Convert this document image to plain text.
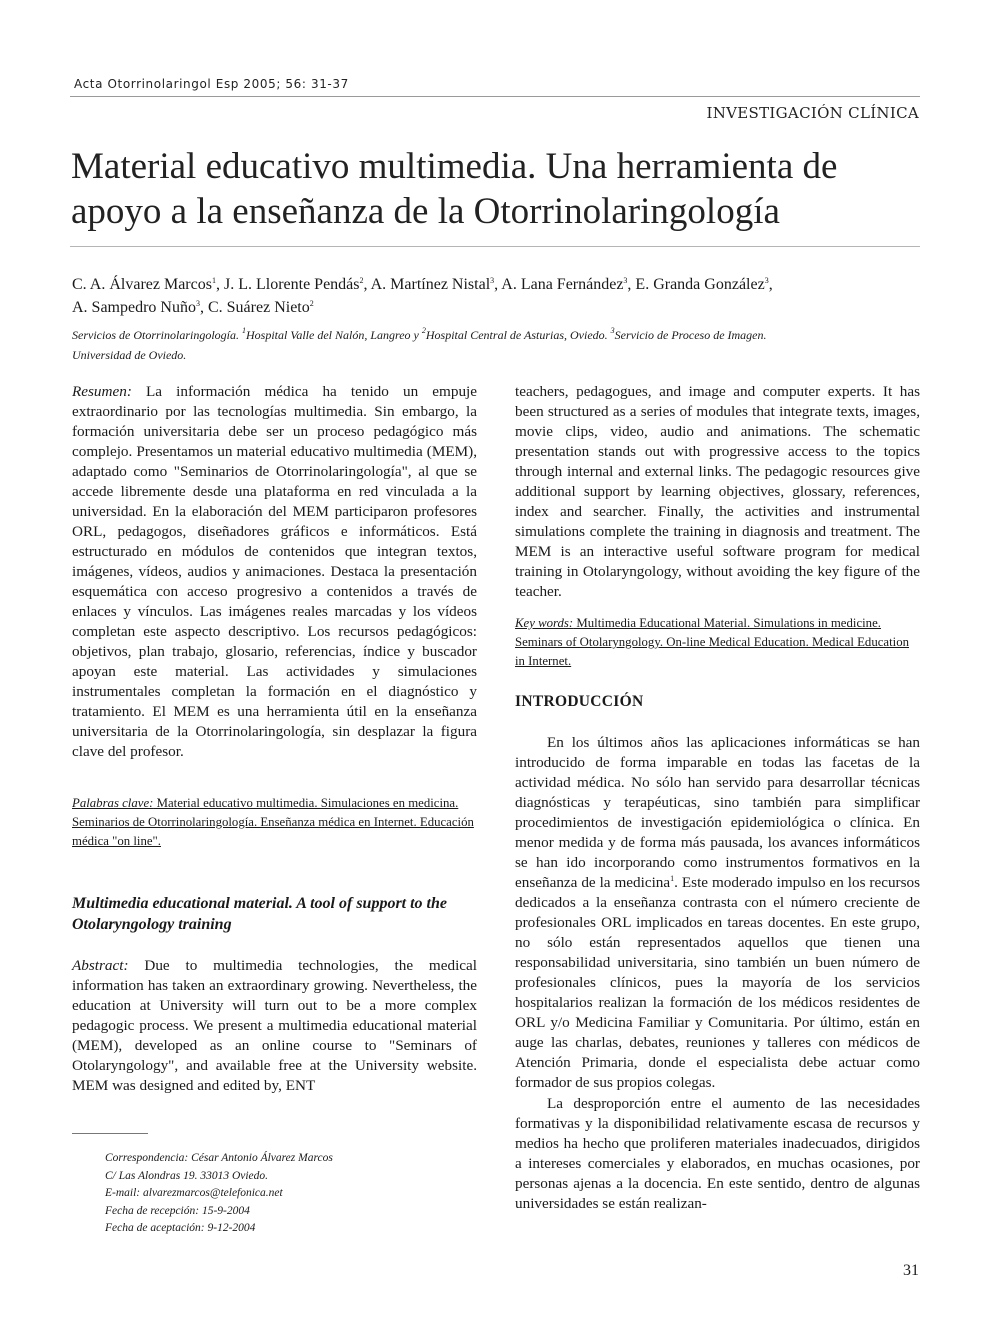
Acta Otorrinolaringol Esp 2005; 56: 31-37
INVESTIGACIÓN CLÍNICA
Material educativo multimedia. Una herramienta de
apoyo a la enseñanza de la Otorrinolaringología
C. A. Álvarez Marcos$^1$, J. L. Llorente Pendás$^2$, A. Martínez Nistal$^3$, A. Lana Fernández$^3$, E. Granda González$^3$,
A. Sampedro Nuño$^3$, C. Suárez Nieto$^2$
Servicios de Otorrinolaringología. $^1$Hospital Valle del Nalón, Langreo y $^2$Hospital Central de Asturias, Oviedo. $^3$Servicio de Proceso de Imagen.
Universidad de Oviedo.

Resumen: La información médica ha tenido un empuje extraordinario por las tecnologías multimedia. Sin embargo, la formación universitaria debe ser un proceso pedagógico más complejo. Presentamos un material educativo multimedia (MEM), adaptado como "Seminarios de Otorrinolaringología", al que se accede libremente desde una plataforma en red vinculada a la universidad. En la elaboración del MEM participaron profesores ORL, pedagogos, diseñadores gráficos e informáticos. Está estructurado en módulos de contenidos que integran textos, imágenes, vídeos, audios y animaciones. Destaca la presentación esquemática con acceso progresivo a contenidos a través de enlaces y vínculos. Las imágenes reales marcadas y los vídeos completan este aspecto descriptivo. Los recursos pedagógicos: objetivos, plan trabajo, glosario, referencias, índice y buscador apoyan este material. Las actividades y simulaciones instrumentales completan la formación en el diagnóstico y tratamiento. El MEM es una herramienta útil en la enseñanza universitaria de la Otorrinolaringología, sin desplazar la figura clave del profesor.

Palabras clave: Material educativo multimedia. Simulaciones en medicina. Seminarios de Otorrinolaringología. Enseñanza médica en Internet. Educación médica "on line".
Multimedia educational material. A tool of support to the Otolaryngology training

Abstract: Due to multimedia technologies, the medical information has taken an extraordinary growing. Nevertheless, the education at University will turn out to be a more complex pedagogic process. We present a multimedia educational material (MEM), developed as an online course to "Seminars of Otolaryngology", and available free at the University website. MEM was designed and edited by, ENT

Correspondencia: César Antonio Álvarez Marcos
C/ Las Alondras 19. 33013 Oviedo.
E-mail: alvarezmarcos@telefonica.net
Fecha de recepción: 15-9-2004
Fecha de aceptación: 9-12-2004

teachers, pedagogues, and image and computer experts. It has been structured as a series of modules that integrate texts, images, movie clips, video, audio and animations. The schematic presentation stands out with progressive access to the topics through internal and external links. The pedagogic resources give additional support by learning objectives, glossary, references, index and searcher. Finally, the activities and instrumental simulations complete the training in diagnosis and treatment. The MEM is an interactive useful software program for medical training in Otolaryngology, without avoiding the key figure of the teacher.

Key words: Multimedia Educational Material. Simulations in medicine. Seminars of Otolaryngology. On-line Medical Education. Medical Education in Internet.
INTRODUCCIÓN

En los últimos años las aplicaciones informáticas se han introducido de forma imparable en todas las facetas de la actividad médica. No sólo han servido para desarrollar técnicas diagnósticas y terapéuticas, sino también para simplificar procedimientos de investigación epidemiológica o clínica. En menor medida y de forma más pausada, los avances informáticos se han ido incorporando como instrumentos formativos en la enseñanza de la medicina$^1$. Este moderado impulso en los recursos dedicados a la enseñanza contrasta con el número creciente de profesionales ORL implicados en tareas docentes. En este grupo, no sólo están representados aquellos que tienen una responsabilidad universitaria, sino también un buen número de profesionales clínicos, pues la mayoría de los servicios hospitalarios realizan la formación de los médicos residentes de ORL y/o Medicina Familiar y Comunitaria. Por último, están en auge las charlas, debates, reuniones y talleres con médicos de Atención Primaria, donde el especialista debe actuar como formador de sus propios colegas.

La desproporción entre el aumento de las necesidades formativas y la disponibilidad relativamente escasa de recursos y medios ha hecho que proliferen materiales inadecuados, dirigidos a intereses comerciales y elaborados, en muchas ocasiones, por personas ajenas a la docencia. En este sentido, dentro de algunas universidades se están realizan-

31
